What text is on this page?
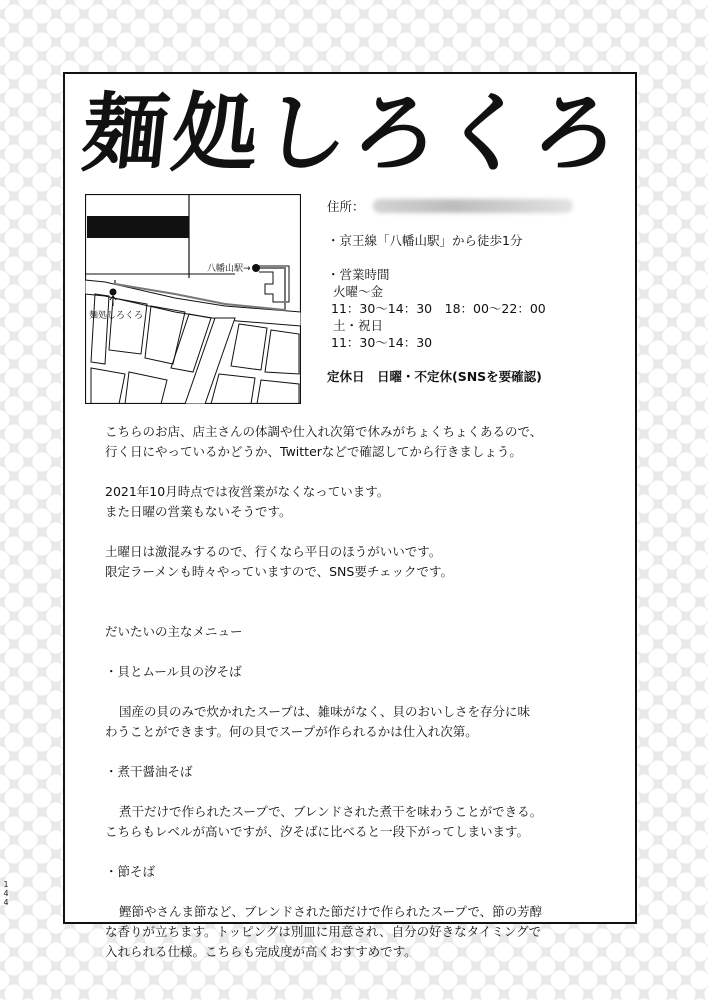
麺処しろくろ
八幡山駅→
麺処しろくろ
住所：
・京王線「八幡山駅」から徒歩1分
・営業時間
火曜～金
11：30～14：30　18：00～22：00
土・祝日
11：30～14：30
定休日　日曜・不定休(SNSを要確認)

こちらのお店、店主さんの体調や仕入れ次第で休みがちょくちょくあるので、

行く日にやっているかどうか、Twitterなどで確認してから行きましょう。

2021年10月時点では夜営業がなくなっています。

また日曜の営業もないそうです。

土曜日は激混みするので、行くなら平日のほうがいいです。

限定ラーメンも時々やっていますので、SNS要チェックです。

だいたいの主なメニュー

・貝とムール貝の汐そば

国産の貝のみで炊かれたスープは、雑味がなく、貝のおいしさを存分に味

わうことができます。何の貝でスープが作られるかは仕入れ次第。

・煮干醤油そば

煮干だけで作られたスープで、ブレンドされた煮干を味わうことができる。

こちらもレベルが高いですが、汐そばに比べると一段下がってしまいます。

・節そば

鰹節やさんま節など、ブレンドされた節だけで作られたスープで、節の芳醇

な香りが立ちます。トッピングは別皿に用意され、自分の好きなタイミングで

入れられる仕様。こちらも完成度が高くおすすめです。

1
4
4
